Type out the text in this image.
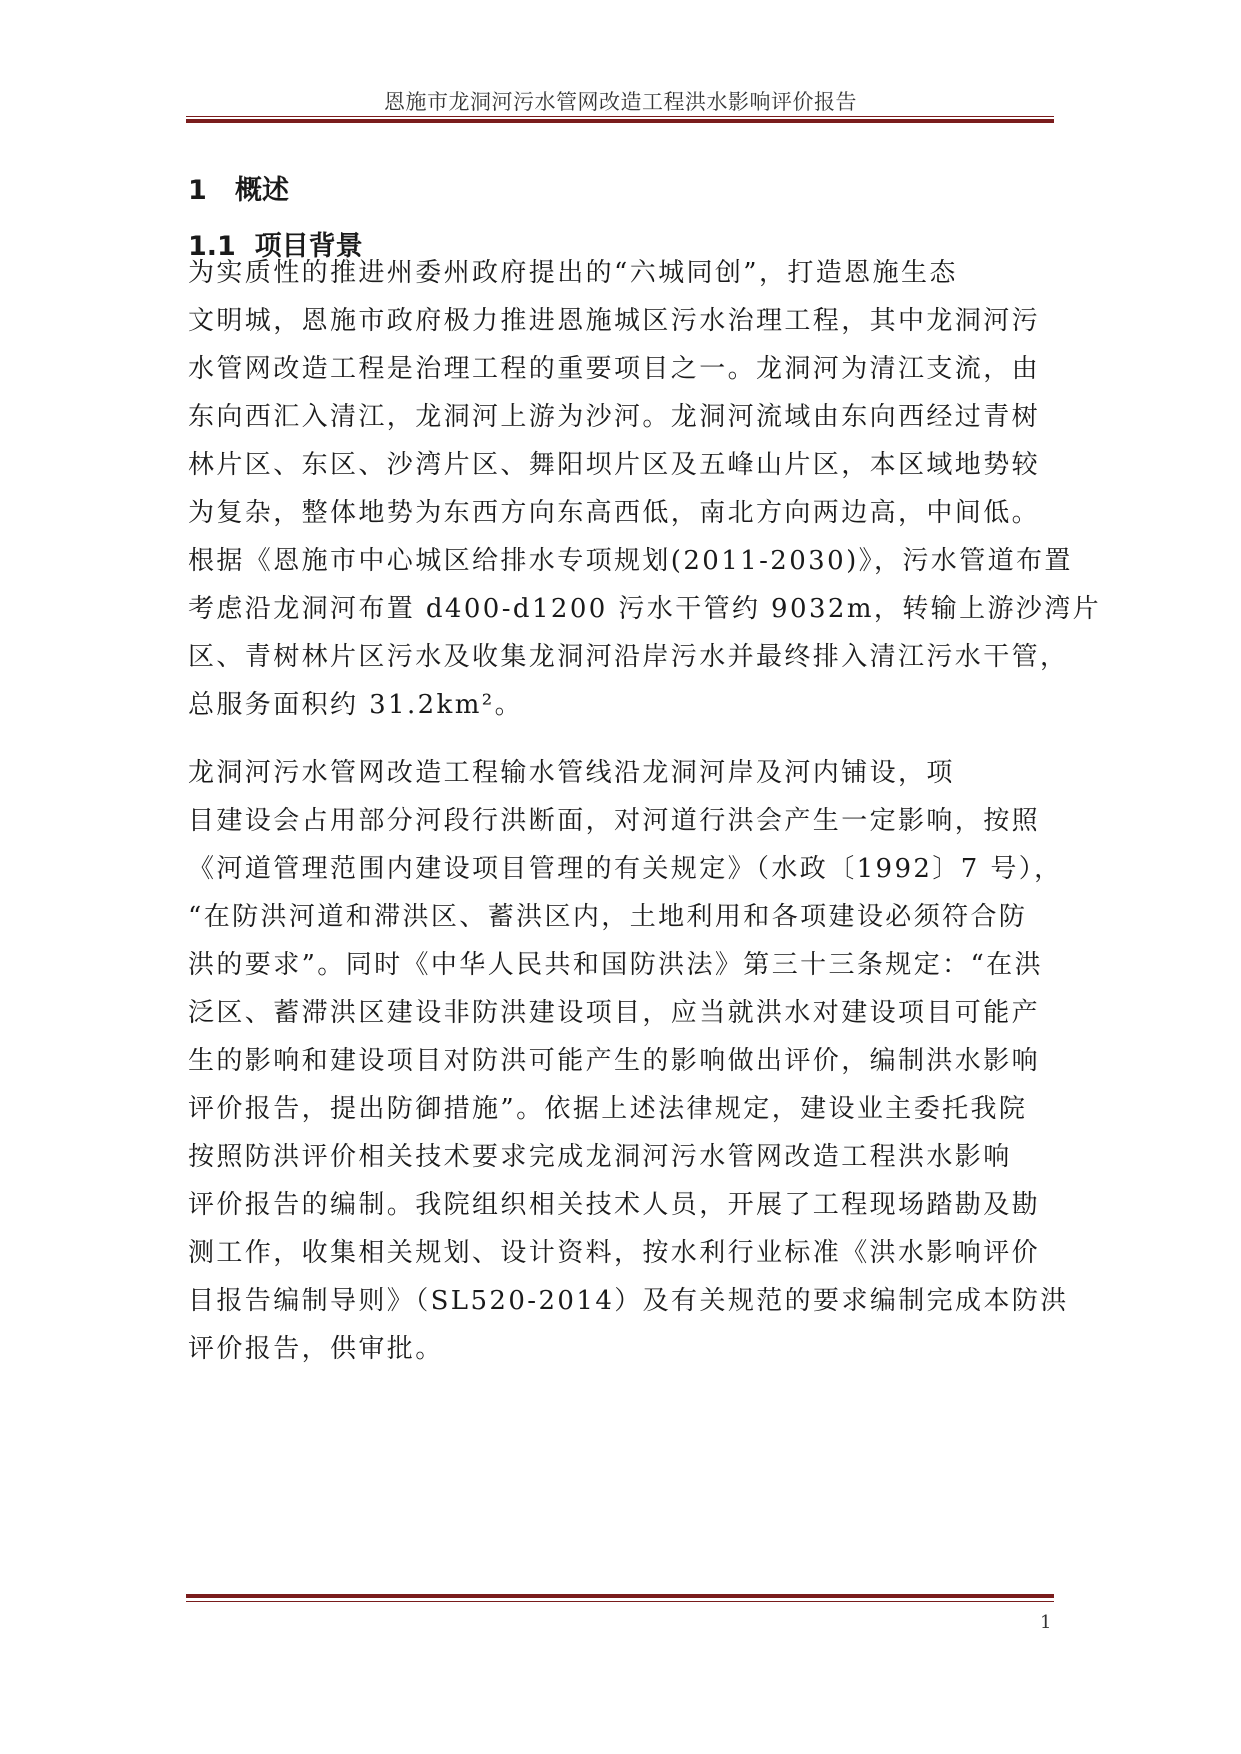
恩施市龙洞河污水管网改造工程洪水影响评价报告
1   概述
1.1  项目背景
为实质性的推进州委州政府提出的“六城同创”，打造恩施生态
文明城，恩施市政府极力推进恩施城区污水治理工程，其中龙洞河污
水管网改造工程是治理工程的重要项目之一。龙洞河为清江支流，由
东向西汇入清江，龙洞河上游为沙河。龙洞河流域由东向西经过青树
林片区、东区、沙湾片区、舞阳坝片区及五峰山片区，本区域地势较
为复杂，整体地势为东西方向东高西低，南北方向两边高，中间低。
根据《恩施市中心城区给排水专项规划(2011-2030)》，污水管道布置
考虑沿龙洞河布置 d400-d1200 污水干管约 9032m，转输上游沙湾片
区、青树林片区污水及收集龙洞河沿岸污水并最终排入清江污水干管，
总服务面积约 31.2km²。
龙洞河污水管网改造工程输水管线沿龙洞河岸及河内铺设，项
目建设会占用部分河段行洪断面，对河道行洪会产生一定影响，按照
《河道管理范围内建设项目管理的有关规定》（水政〔1992〕7 号），
“在防洪河道和滞洪区、蓄洪区内，土地利用和各项建设必须符合防
洪的要求”。同时《中华人民共和国防洪法》第三十三条规定：“在洪
泛区、蓄滞洪区建设非防洪建设项目，应当就洪水对建设项目可能产
生的影响和建设项目对防洪可能产生的影响做出评价，编制洪水影响
评价报告，提出防御措施”。依据上述法律规定，建设业主委托我院
按照防洪评价相关技术要求完成龙洞河污水管网改造工程洪水影响
评价报告的编制。我院组织相关技术人员，开展了工程现场踏勘及勘
测工作，收集相关规划、设计资料，按水利行业标准《洪水影响评价
目报告编制导则》（SL520-2014）及有关规范的要求编制完成本防洪
评价报告，供审批。
1
